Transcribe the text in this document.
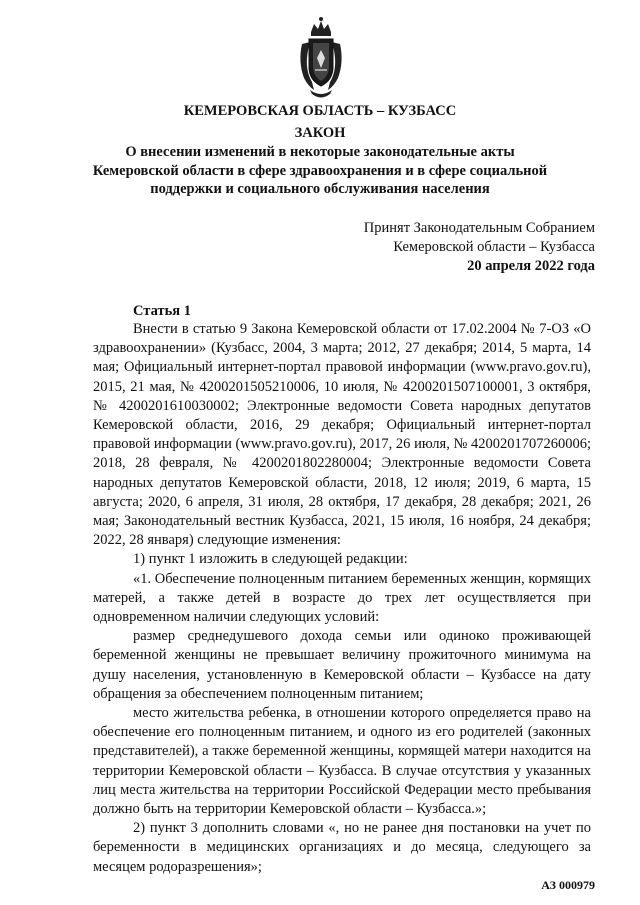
КЕМЕРОВСКАЯ ОБЛАСТЬ – КУЗБАСС
ЗАКОН
О внесении изменений в некоторые законодательные акты
Кемеровской области в сфере здравоохранения и в сфере социальной
поддержки и социального обслуживания населения
Принят Законодательным Собранием
Кемеровской области – Кузбасса
20 апреля 2022 года
Статья 1

Внести в статью 9 Закона Кемеровской области от 17.02.2004 № 7-ОЗ «О здравоохранении» (Кузбасс, 2004, 3 марта; 2012, 27 декабря; 2014, 5 марта, 14 мая; Официальный интернет-портал правовой информации (www.pravo.gov.ru), 2015, 21 мая, № 4200201505210006, 10 июля, № 4200201507100001, 3 октября, № 4200201610030002; Электронные ведомости Совета народных депутатов Кемеровской области, 2016, 29 декабря; Официальный интернет-портал правовой информации (www.pravo.gov.ru), 2017, 26 июля, № 4200201707260006; 2018, 28 февраля, № 4200201802280004; Электронные ведомости Совета народных депутатов Кемеровской области, 2018, 12 июля; 2019, 6 марта, 15 августа; 2020, 6 апреля, 31 июля, 28 октября, 17 декабря, 28 декабря; 2021, 26 мая; Законодательный вестник Кузбасса, 2021, 15 июля, 16 ноября, 24 декабря; 2022, 28 января) следующие изменения:

1) пункт 1 изложить в следующей редакции:

«1. Обеспечение полноценным питанием беременных женщин, кормящих матерей, а также детей в возрасте до трех лет осуществляется при одновременном наличии следующих условий:

размер среднедушевого дохода семьи или одиноко проживающей беременной женщины не превышает величину прожиточного минимума на душу населения, установленную в Кемеровской области – Кузбассе на дату обращения за обеспечением полноценным питанием;

место жительства ребенка, в отношении которого определяется право на обеспечение его полноценным питанием, и одного из его родителей (законных представителей), а также беременной женщины, кормящей матери находится на территории Кемеровской области – Кузбасса. В случае отсутствия у указанных лиц места жительства на территории Российской Федерации место пребывания должно быть на территории Кемеровской области – Кузбасса.»;

2) пункт 3 дополнить словами «, но не ранее дня постановки на учет по беременности в медицинских организациях и до месяца, следующего за месяцем родоразрешения»;

АЗ 000979
